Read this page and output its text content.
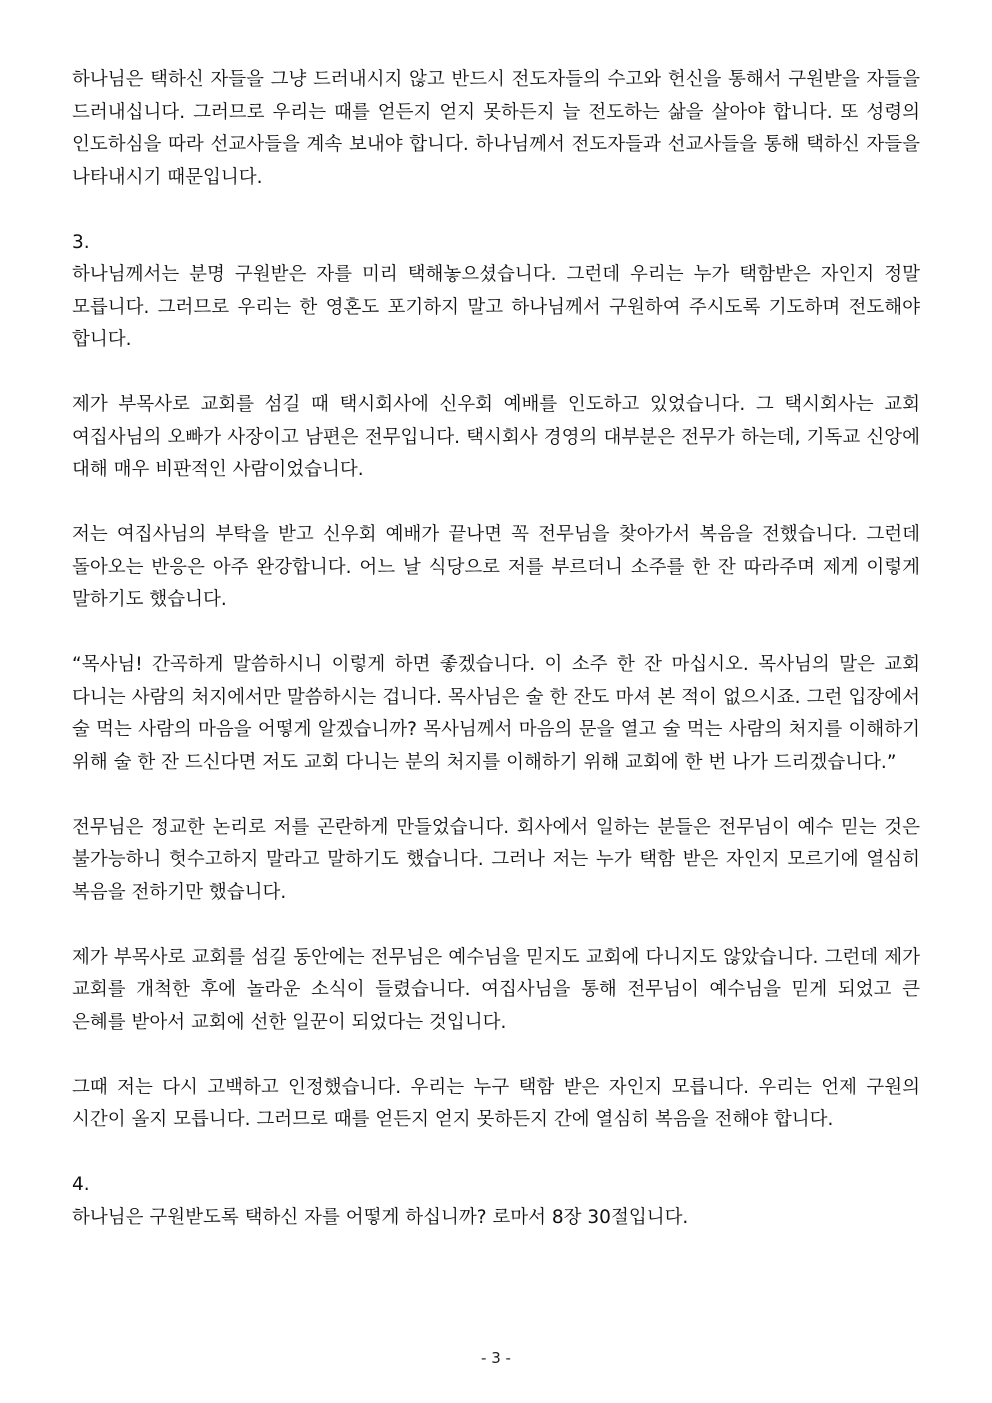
하나님은 택하신 자들을 그냥 드러내시지 않고 반드시 전도자들의 수고와 헌신을 통해서 구원받을 자들을 드러내십니다. 그러므로 우리는 때를 얻든지 얻지 못하든지 늘 전도하는 삶을 살아야 합니다. 또 성령의 인도하심을 따라 선교사들을 계속 보내야 합니다. 하나님께서 전도자들과 선교사들을 통해 택하신 자들을 나타내시기 때문입니다.

3.

하나님께서는 분명 구원받은 자를 미리 택해놓으셨습니다. 그런데 우리는 누가 택함받은 자인지 정말 모릅니다. 그러므로 우리는 한 영혼도 포기하지 말고 하나님께서 구원하여 주시도록 기도하며 전도해야 합니다.

제가 부목사로 교회를 섬길 때 택시회사에 신우회 예배를 인도하고 있었습니다. 그 택시회사는 교회 여집사님의 오빠가 사장이고 남편은 전무입니다. 택시회사 경영의 대부분은 전무가 하는데, 기독교 신앙에 대해 매우 비판적인 사람이었습니다.

저는 여집사님의 부탁을 받고 신우회 예배가 끝나면 꼭 전무님을 찾아가서 복음을 전했습니다. 그런데 돌아오는 반응은 아주 완강합니다. 어느 날 식당으로 저를 부르더니 소주를 한 잔 따라주며 제게 이렇게 말하기도 했습니다.

“목사님! 간곡하게 말씀하시니 이렇게 하면 좋겠습니다. 이 소주 한 잔 마십시오. 목사님의 말은 교회 다니는 사람의 처지에서만 말씀하시는 겁니다. 목사님은 술 한 잔도 마셔 본 적이 없으시죠. 그런 입장에서 술 먹는 사람의 마음을 어떻게 알겠습니까? 목사님께서 마음의 문을 열고 술 먹는 사람의 처지를 이해하기 위해 술 한 잔 드신다면 저도 교회 다니는 분의 처지를 이해하기 위해 교회에 한 번 나가 드리겠습니다.”

전무님은 정교한 논리로 저를 곤란하게 만들었습니다. 회사에서 일하는 분들은 전무님이 예수 믿는 것은 불가능하니 헛수고하지 말라고 말하기도 했습니다. 그러나 저는 누가 택함 받은 자인지 모르기에 열심히 복음을 전하기만 했습니다.

제가 부목사로 교회를 섬길 동안에는 전무님은 예수님을 믿지도 교회에 다니지도 않았습니다. 그런데 제가 교회를 개척한 후에 놀라운 소식이 들렸습니다. 여집사님을 통해 전무님이 예수님을 믿게 되었고 큰 은혜를 받아서 교회에 선한 일꾼이 되었다는 것입니다.

그때 저는 다시 고백하고 인정했습니다. 우리는 누구 택함 받은 자인지 모릅니다. 우리는 언제 구원의 시간이 올지 모릅니다. 그러므로 때를 얻든지 얻지 못하든지 간에 열심히 복음을 전해야 합니다.

4.

하나님은 구원받도록 택하신 자를 어떻게 하십니까? 로마서 8장 30절입니다.

- 3 -
